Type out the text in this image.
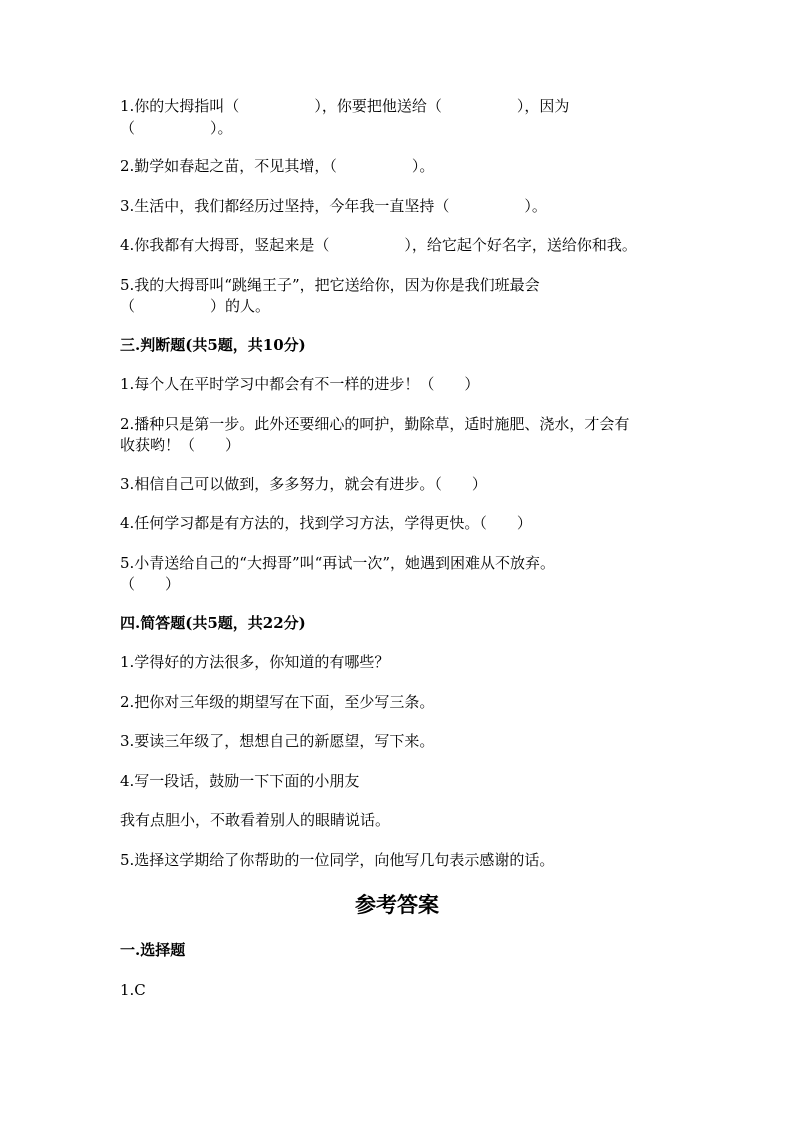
1.你的大拇指叫（　　　　　），你要把他送给（　　　　　），因为
（　　　　　）。
2.勤学如春起之苗，不见其增，（　　　　　）。
3.生活中，我们都经历过坚持，今年我一直坚持（　　　　　）。
4.你我都有大拇哥，竖起来是（　　　　　），给它起个好名字，送给你和我。
5.我的大拇哥叫“跳绳王子”，把它送给你，因为你是我们班最会
（　　　　　）的人。
三.判断题(共5题，共10分)
1.每个人在平时学习中都会有不一样的进步！（　　）
2.播种只是第一步。此外还要细心的呵护，勤除草，适时施肥、浇水，才会有
收获哟！（　　）
3.相信自己可以做到，多多努力，就会有进步。（　　）
4.任何学习都是有方法的，找到学习方法，学得更快。（　　）
5.小青送给自己的“大拇哥”叫“再试一次”，她遇到困难从不放弃。
（　　）
四.简答题(共5题，共22分)
1.学得好的方法很多，你知道的有哪些？
2.把你对三年级的期望写在下面，至少写三条。
3.要读三年级了，想想自己的新愿望，写下来。
4.写一段话，鼓励一下下面的小朋友
我有点胆小，不敢看着别人的眼睛说话。
5.选择这学期给了你帮助的一位同学，向他写几句表示感谢的话。
参考答案
一.选择题
1.C
